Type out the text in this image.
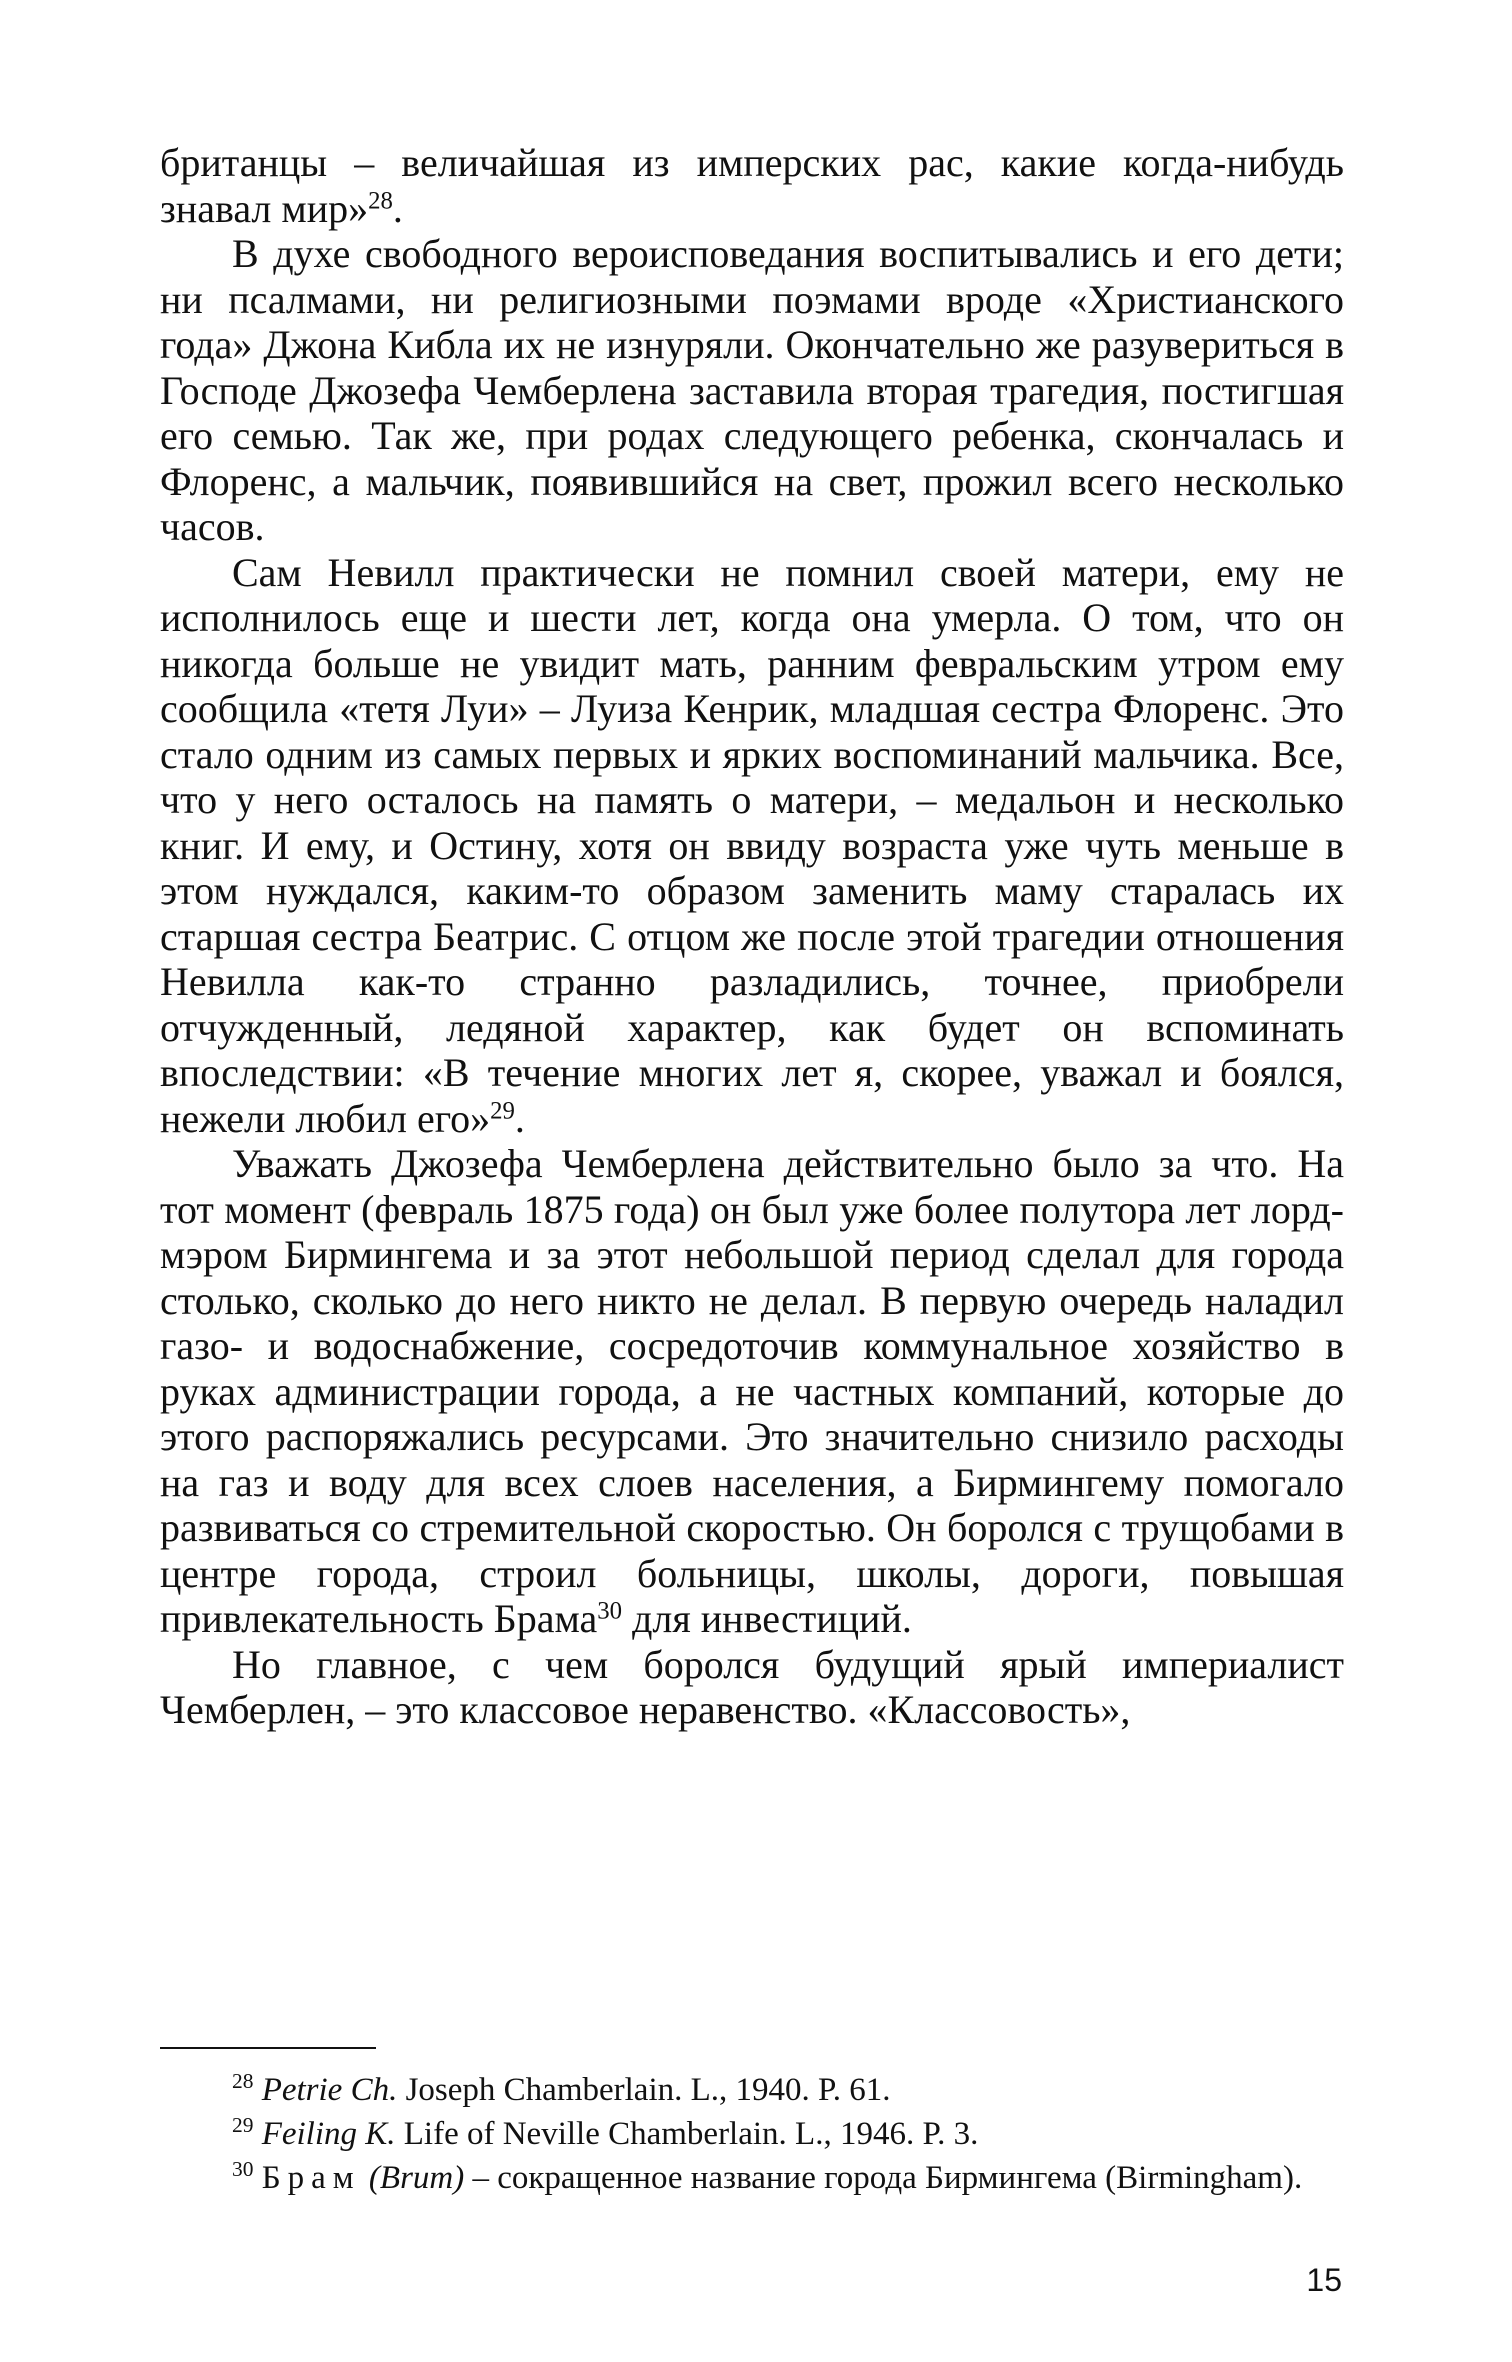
британцы – величайшая из имперских рас, какие когда-нибудь знавал мир»$^{28}$.

В духе свободного вероисповедания воспитывались и его дети; ни псалмами, ни религиозными поэмами вроде «Христианского года» Джона Кибла их не изнуряли. Окончательно же разувериться в Господе Джозефа Чемберлена заставила вторая трагедия, постигшая его семью. Так же, при родах следующего ребенка, скончалась и Флоренс, а мальчик, появившийся на свет, прожил всего несколько часов.

Сам Невилл практически не помнил своей матери, ему не исполнилось еще и шести лет, когда она умерла. О том, что он никогда больше не увидит мать, ранним февральским утром ему сообщила «тетя Луи» – Луиза Кенрик, младшая сестра Флоренс. Это стало одним из самых первых и ярких воспоминаний мальчика. Все, что у него осталось на память о матери, – медальон и несколько книг. И ему, и Остину, хотя он ввиду возраста уже чуть меньше в этом нуждался, каким-то образом заменить маму старалась их старшая сестра Беатрис. С отцом же после этой трагедии отношения Невилла как-то странно разладились, точнее, приобрели отчужденный, ледяной характер, как будет он вспоминать впоследствии: «В течение многих лет я, скорее, уважал и боялся, нежели любил его»$^{29}$.

Уважать Джозефа Чемберлена действительно было за что. На тот момент (февраль 1875 года) он был уже более полутора лет лорд-мэром Бирмингема и за этот небольшой период сделал для города столько, сколько до него никто не делал. В первую очередь наладил газо- и водоснабжение, сосредоточив коммунальное хозяйство в руках администрации города, а не частных компаний, которые до этого распоряжались ресурсами. Это значительно снизило расходы на газ и воду для всех слоев населения, а Бирмингему помогало развиваться со стремительной скоростью. Он боролся с трущобами в центре города, строил больницы, школы, дороги, повышая привлекательность Брама$^{30}$ для инвестиций.

Но главное, с чем боролся будущий ярый империалист Чемберлен, – это классовое неравенство. «Классовость»,

$^{28}$ Petrie Ch. Joseph Chamberlain. L., 1940. P. 61.

$^{29}$ Feiling K. Life of Neville Chamberlain. L., 1946. P. 3.

$^{30}$ Брам (Brum) – сокращенное название города Бирмингема (Birmingham).

15
